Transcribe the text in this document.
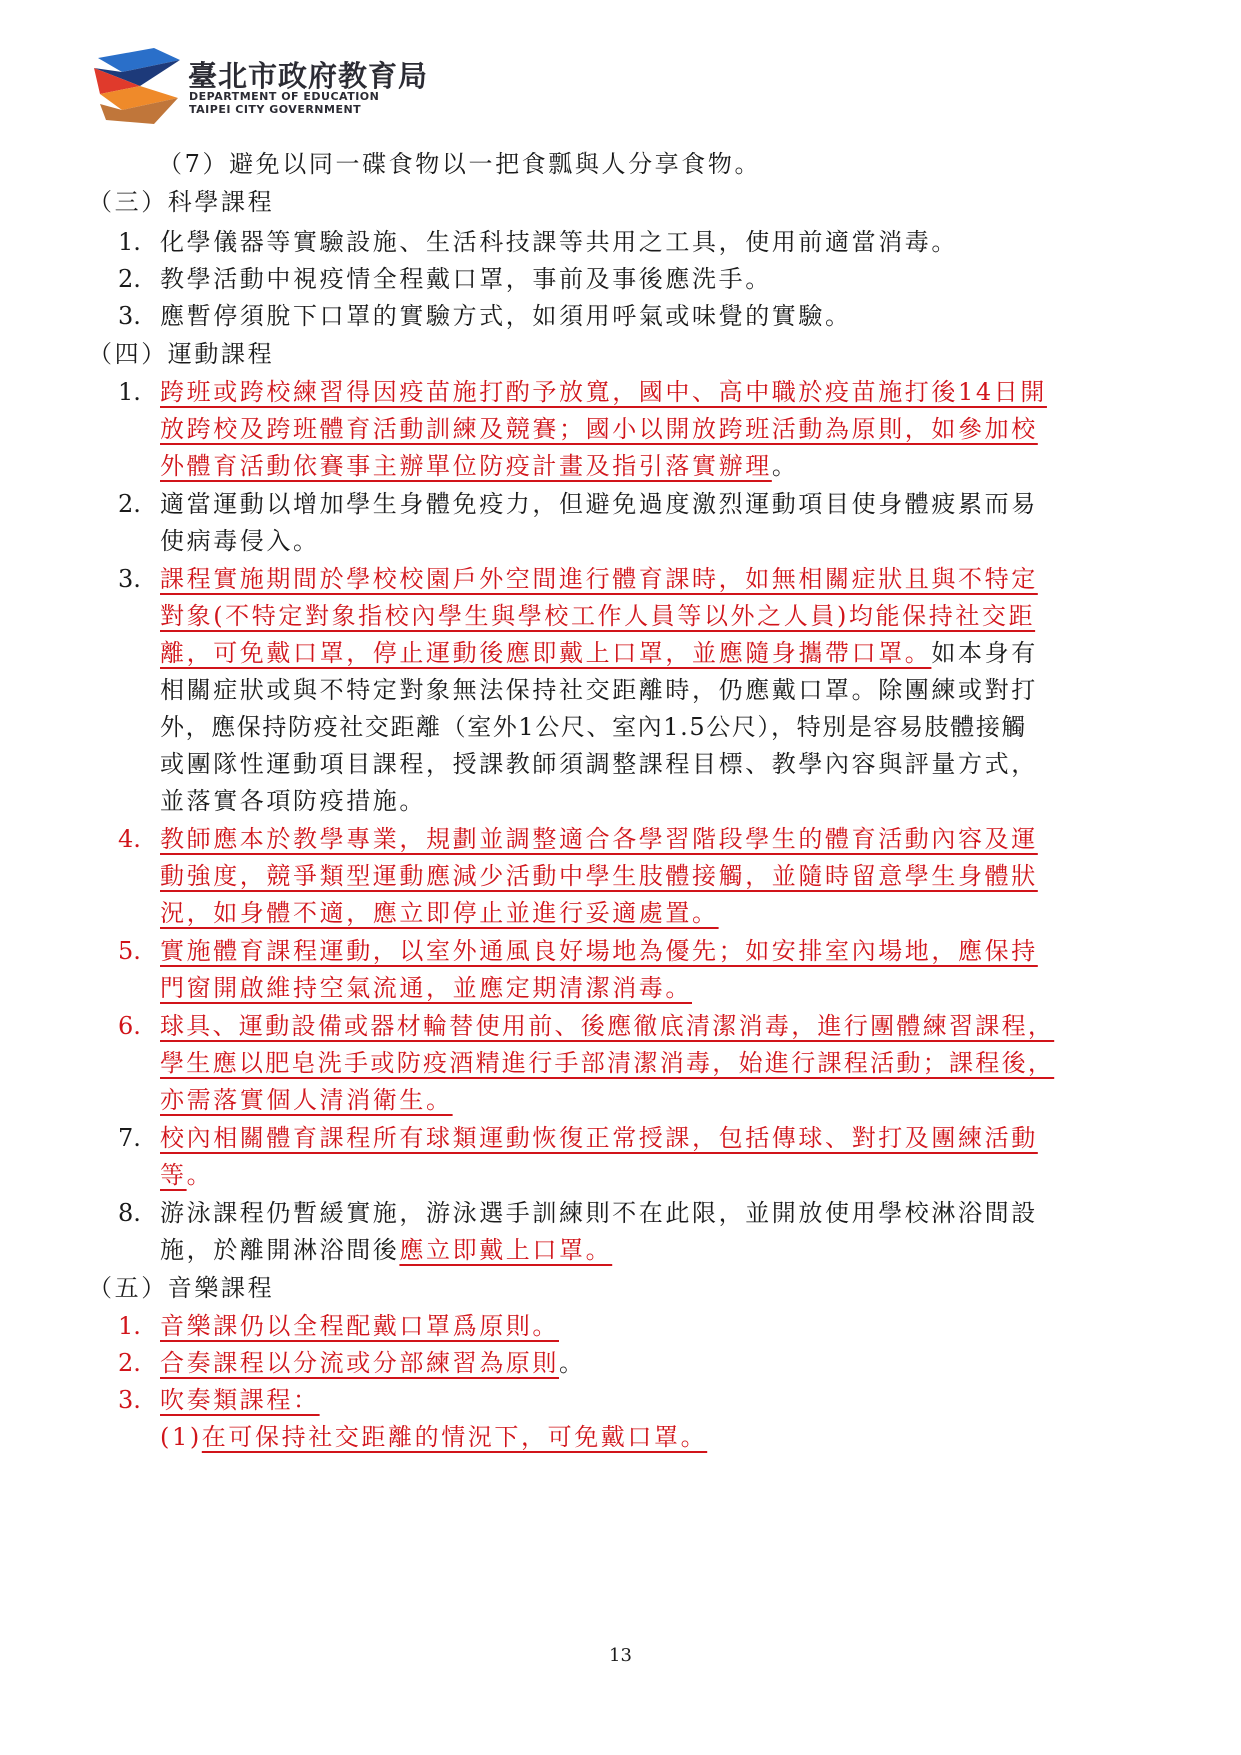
臺北市政府教育局
DEPARTMENT OF EDUCATION
TAIPEI CITY GOVERNMENT
（7）避免以同一碟食物以一把食瓢與人分享食物。
（三）科學課程
1. 化學儀器等實驗設施、生活科技課等共用之工具，使用前適當消毒。
2. 教學活動中視疫情全程戴口罩，事前及事後應洗手。
3. 應暫停須脫下口罩的實驗方式，如須用呼氣或味覺的實驗。
（四）運動課程
1. 跨班或跨校練習得因疫苗施打酌予放寬，國中、高中職於疫苗施打後14日開
放跨校及跨班體育活動訓練及競賽；國小以開放跨班活動為原則，如參加校
外體育活動依賽事主辦單位防疫計畫及指引落實辦理。
2. 適當運動以增加學生身體免疫力，但避免過度激烈運動項目使身體疲累而易
使病毒侵入。
3. 課程實施期間於學校校園戶外空間進行體育課時，如無相關症狀且與不特定
對象(不特定對象指校內學生與學校工作人員等以外之人員)均能保持社交距
離，可免戴口罩，停止運動後應即戴上口罩，並應隨身攜帶口罩。如本身有
相關症狀或與不特定對象無法保持社交距離時，仍應戴口罩。除團練或對打
外，應保持防疫社交距離（室外1公尺、室內1.5公尺），特別是容易肢體接觸
或團隊性運動項目課程，授課教師須調整課程目標、教學內容與評量方式，
並落實各項防疫措施。
4. 教師應本於教學專業，規劃並調整適合各學習階段學生的體育活動內容及運
動強度，競爭類型運動應減少活動中學生肢體接觸，並隨時留意學生身體狀
況，如身體不適，應立即停止並進行妥適處置。
5. 實施體育課程運動，以室外通風良好場地為優先；如安排室內場地，應保持
門窗開啟維持空氣流通，並應定期清潔消毒。
6. 球具、運動設備或器材輪替使用前、後應徹底清潔消毒，進行團體練習課程，
學生應以肥皂洗手或防疫酒精進行手部清潔消毒，始進行課程活動；課程後，
亦需落實個人清消衛生。
7. 校內相關體育課程所有球類運動恢復正常授課，包括傳球、對打及團練活動
等。
8. 游泳課程仍暫緩實施，游泳選手訓練則不在此限，並開放使用學校淋浴間設
施，於離開淋浴間後應立即戴上口罩。
（五）音樂課程
1. 音樂課仍以全程配戴口罩爲原則。
2. 合奏課程以分流或分部練習為原則。
3. 吹奏類課程：
(1)在可保持社交距離的情況下，可免戴口罩。
13
